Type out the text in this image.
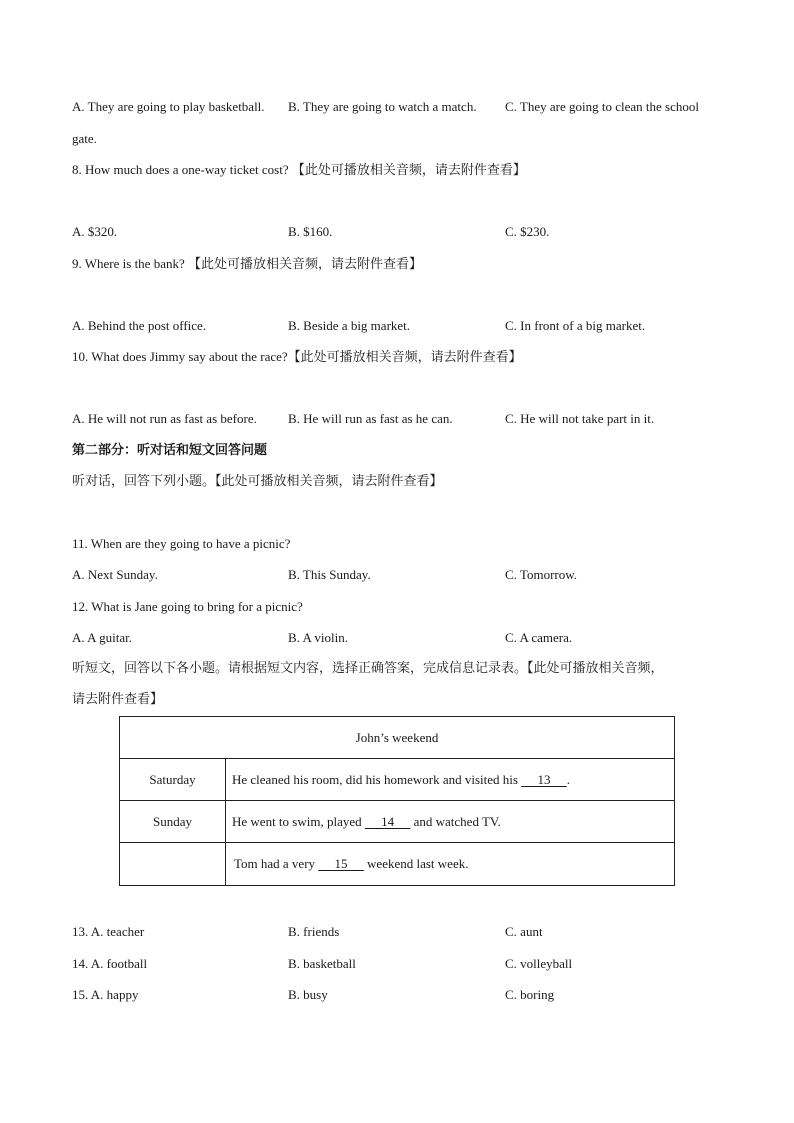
A. They are going to play basketball. B. They are going to watch a match. C. They are going to clean the school
gate.
8. How much does a one-way ticket cost? 【此处可播放相关音频，请去附件查看】
A. $320.	B. $160.	C. $230.
9. Where is the bank? 【此处可播放相关音频，请去附件查看】
A. Behind the post office.	B. Beside a big market.	C. In front of a big market.
10. What does Jimmy say about the race?【此处可播放相关音频，请去附件查看】
A. He will not run as fast as before. B. He will run as fast as he can.	C. He will not take part in it.
第二部分：听对话和短文回答问题
听对话，回答下列小题。【此处可播放相关音频，请去附件查看】
11. When are they going to have a picnic?
A. Next Sunday.	B. This Sunday.	C. Tomorrow.
12. What is Jane going to bring for a picnic?
A. A guitar.	B. A violin.	C. A camera.
听短文，回答以下各小题。请根据短文内容，选择正确答案，完成信息记录表。【此处可播放相关音频，
请去附件查看】
John’s weekend	
Saturday	He cleaned his room, did his homework and visited his      13     .
Sunday	He went to swim, played      14      and watched TV.
	Tom had a very      15      weekend last week.
13. A. teacher	B. friends	C. aunt
14. A. football	B. basketball	C. volleyball
15. A. happy	B. busy	C. boring
